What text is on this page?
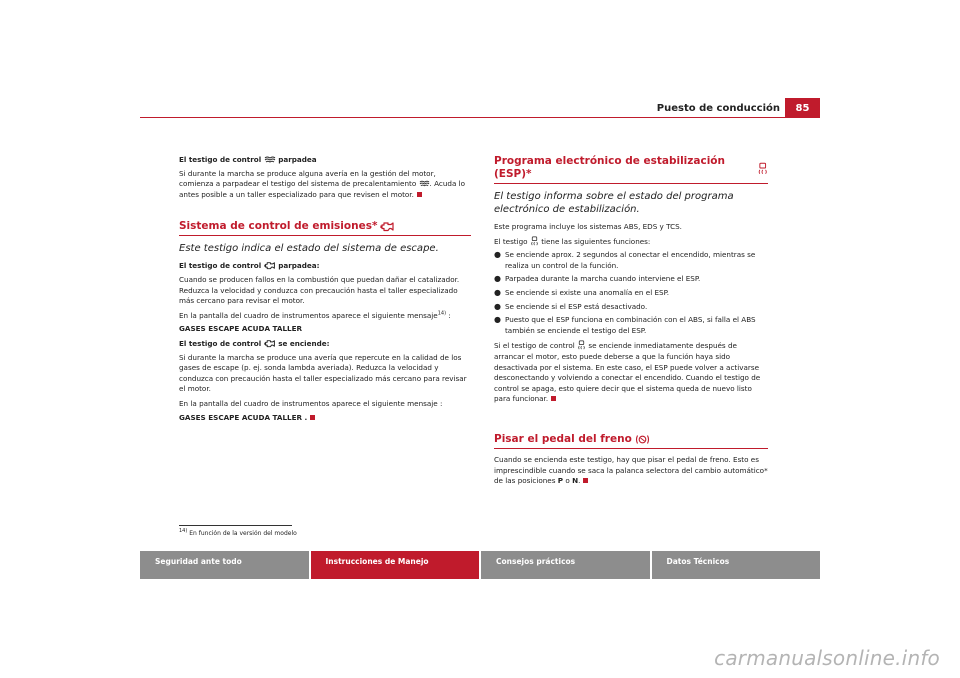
Puesto de conducción	85

El testigo de control parpadea

Si durante la marcha se produce alguna avería en la gestión del motor, comienza a parpadear el testigo del sistema de precalentamiento . Acuda lo antes posible a un taller especializado para que revisen el motor.

Sistema de control de emisiones*

Este testigo indica el estado del sistema de escape.

El testigo de control parpadea:

Cuando se producen fallos en la combustión que puedan dañar el catalizador. Reduzca la velocidad y conduzca con precaución hasta el taller especializado más cercano para revisar el motor.

En la pantalla del cuadro de instrumentos aparece el siguiente mensaje$^{14)}$ :

GASES ESCAPE ACUDA TALLER

El testigo de control se enciende:

Si durante la marcha se produce una avería que repercute en la calidad de los gases de escape (p. ej. sonda lambda averiada). Reduzca la velocidad y conduzca con precaución hasta el taller especializado más cercano para revisar el motor.

En la pantalla del cuadro de instrumentos aparece el siguiente mensaje :

GASES ESCAPE ACUDA TALLER .

Programa electrónico de estabilización (ESP)*

El testigo informa sobre el estado del programa electrónico de estabilización.

Este programa incluye los sistemas ABS, EDS y TCS.

El testigo tiene las siguientes funciones:

● Se enciende aprox. 2 segundos al conectar el encendido, mientras se realiza un control de la función.
● Parpadea durante la marcha cuando interviene el ESP.
● Se enciende si existe una anomalía en el ESP.
● Se enciende si el ESP está desactivado.
● Puesto que el ESP funciona en combinación con el ABS, si falla el ABS también se enciende el testigo del ESP.

Si el testigo de control se enciende inmediatamente después de arrancar el motor, esto puede deberse a que la función haya sido desactivada por el sistema. En este caso, el ESP puede volver a activarse desconectando y volviendo a conectar el encendido. Cuando el testigo de control se apaga, esto quiere decir que el sistema queda de nuevo listo para funcionar.

Pisar el pedal del freno

Cuando se encienda este testigo, hay que pisar el pedal de freno. Esto es imprescindible cuando se saca la palanca selectora del cambio automático* de las posiciones P o N.

$^{14)}$ En función de la versión del modelo
Seguridad ante todo	Instrucciones de Manejo	Consejos prácticos	Datos Técnicos
carmanualsonline.info
